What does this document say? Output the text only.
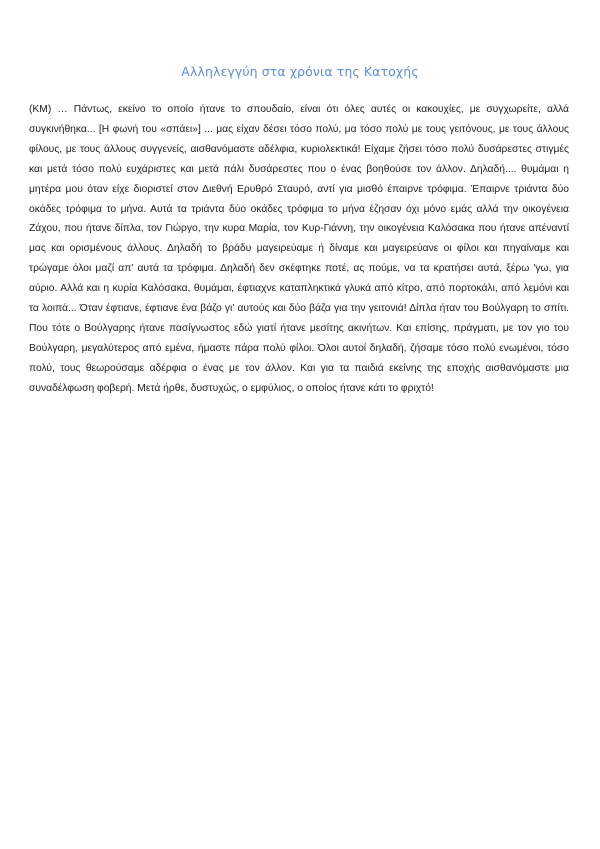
Αλληλεγγύη στα χρόνια της Κατοχής

(ΚΜ) … Πάντως, εκείνο το οποίο ήτανε το σπουδαίο, είναι ότι όλες αυτές οι κακουχίες, με συγχωρείτε, αλλά συγκινήθηκα... [Η φωνή του «σπάει»] ... μας είχαν δέσει τόσο πολύ, μα τόσο πολύ με τους γειτόνους, με τους άλλους φίλους, με τους άλλους συγγενείς, αισθανόμαστε αδέλφια, κυριολεκτικά! Είχαμε ζήσει τόσο πολύ δυσάρεστες στιγμές και μετά τόσο πολύ ευχάριστες και μετά πάλι δυσάρεστες που ο ένας βοηθούσε τον άλλον. Δηλαδή.... θυμάμαι η μητέρα μου όταν είχε διοριστεί στον Διεθνή Ερυθρό Σταυρό, αντί για μισθό έπαιρνε τρόφιμα. Έπαιρνε τριάντα δύο οκάδες τρόφιμα το μήνα. Αυτά τα τριάντα δύο οκάδες τρόφιμα το μήνα έζησαν όχι μόνο εμάς αλλά την οικογένεια Ζάχου, που ήτανε δίπλα, τον Γιώργο, την κυρα Μαρία, τον Κυρ-Γιάννη, την οικογένεια Καλόσακα που ήτανε απέναντί μας και ορισμένους άλλους. Δηλαδή το βράδυ μαγειρεύαμε ή δίναμε και μαγειρεύανε οι φίλοι και πηγαίναμε και τρώγαμε όλοι μαζί απ' αυτά τα τρόφιμα. Δηλαδή δεν σκέφτηκε ποτέ, ας πούμε, να τα κρατήσει αυτά, ξέρω 'γω, για αύριο. Αλλά και η κυρία Καλόσακα, θυμάμαι, έφτιαχνε καταπληκτικά γλυκά από κίτρο, από πορτοκάλι, από λεμόνι και τα λοιπά... Όταν έφτιανε, έφτιανε ένα βάζο γι' αυτούς και δύο βάζα για την γειτονιά! Δίπλα ήταν του Βούλγαρη το σπίτι. Που τότε ο Βούλγαρης ήτανε πασίγνωστος εδώ γιατί ήτανε μεσίτης ακινήτων. Και επίσης, πράγματι, με τον γιο του Βούλγαρη, μεγαλύτερος από εμένα, ήμαστε πάρα πολύ φίλοι. Όλοι αυτοί δηλαδή, ζήσαμε τόσο πολύ ενωμένοι, τόσο πολύ, τους θεωρούσαμε αδέρφια ο ένας με τον άλλον. Και για τα παιδιά εκείνης της εποχής αισθανόμαστε μια συναδέλφωση φοβερή. Μετά ήρθε, δυστυχώς, ο εμφύλιος, ο οποίος ήτανε κάτι το φριχτό!
